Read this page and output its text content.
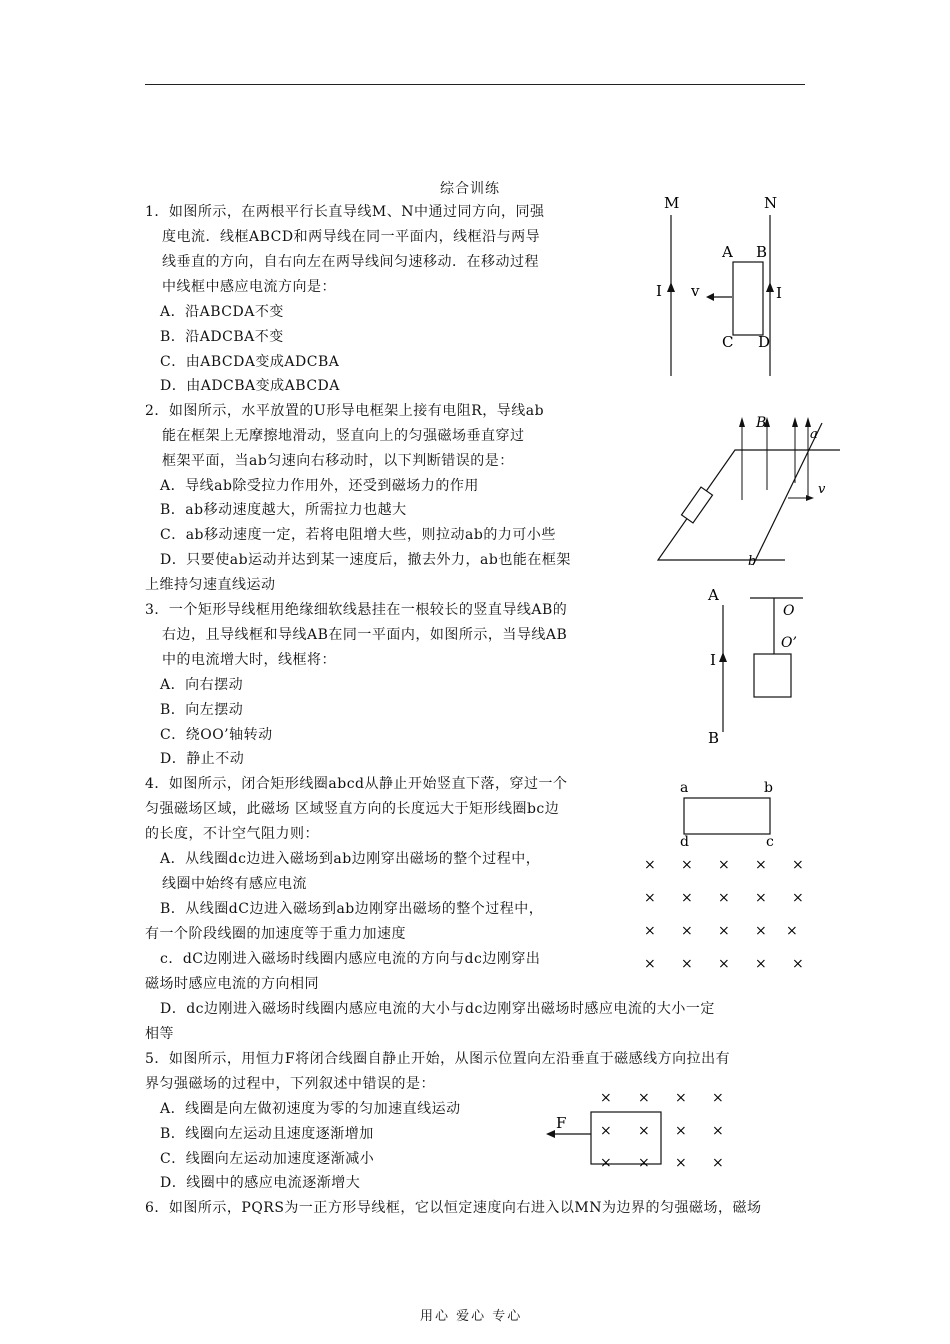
综合训练
1．如图所示，在两根平行长直导线M、N中通过同方向，同强
度电流．线框ABCD和两导线在同一平面内，线框沿与两导
线垂直的方向，自右向左在两导线间匀速移动．在移动过程
中线框中感应电流方向是：
A．沿ABCDA不变
B．沿ADCBA不变
C．由ABCDA变成ADCBA
D．由ADCBA变成ABCDA
M	N
I	I
A B
C D
v
2．如图所示，水平放置的U形导电框架上接有电阻R，导线ab
能在框架上无摩擦地滑动，竖直向上的匀强磁场垂直穿过
框架平面，当ab匀速向右移动时，以下判断错误的是：
A．导线ab除受拉力作用外，还受到磁场力的作用
B．ab移动速度越大，所需拉力也越大
C．ab移动速度一定，若将电阻增大些，则拉动ab的力可小些
D．只要使ab运动并达到某一速度后，撤去外力，ab也能在框架
上维持匀速直线运动
B
a
b
v
3．一个矩形导线框用绝缘细软线悬挂在一根较长的竖直导线AB的
右边，且导线框和导线AB在同一平面内，如图所示，当导线AB
中的电流增大时，线框将：
A．向右摆动
B．向左摆动
C．绕OO’轴转动
D．静止不动
A
B
I
O
O’
4．如图所示，闭合矩形线圈abcd从静止开始竖直下落，穿过一个
匀强磁场区域，此磁场 区域竖直方向的长度远大于矩形线圈bc边
的长度，不计空气阻力则：
A．从线圈dc边进入磁场到ab边刚穿出磁场的整个过程中，
线圈中始终有感应电流
B．从线圈dC边进入磁场到ab边刚穿出磁场的整个过程中，
有一个阶段线圈的加速度等于重力加速度
c．dC边刚进入磁场时线圈内感应电流的方向与dc边刚穿出
磁场时感应电流的方向相同
D．dc边刚进入磁场时线圈内感应电流的大小与dc边刚穿出磁场时感应电流的大小一定
相等
a	b
d	c
× × × × ×
× × × × ×
× × × × ×
× × × × ×
5．如图所示，用恒力F将闭合线圈自静止开始，从图示位置向左沿垂直于磁感线方向拉出有
界匀强磁场的过程中，下列叙述中错误的是：
A．线圈是向左做初速度为零的匀加速直线运动
B．线圈向左运动且速度逐渐增加
C．线圈向左运动加速度逐渐减小
D．线圈中的感应电流逐渐增大
F
× × × ×
× × × ×
× × × ×
6．如图所示，PQRS为一正方形导线框，它以恒定速度向右进入以MN为边界的匀强磁场，磁场
用心 爱心 专心
